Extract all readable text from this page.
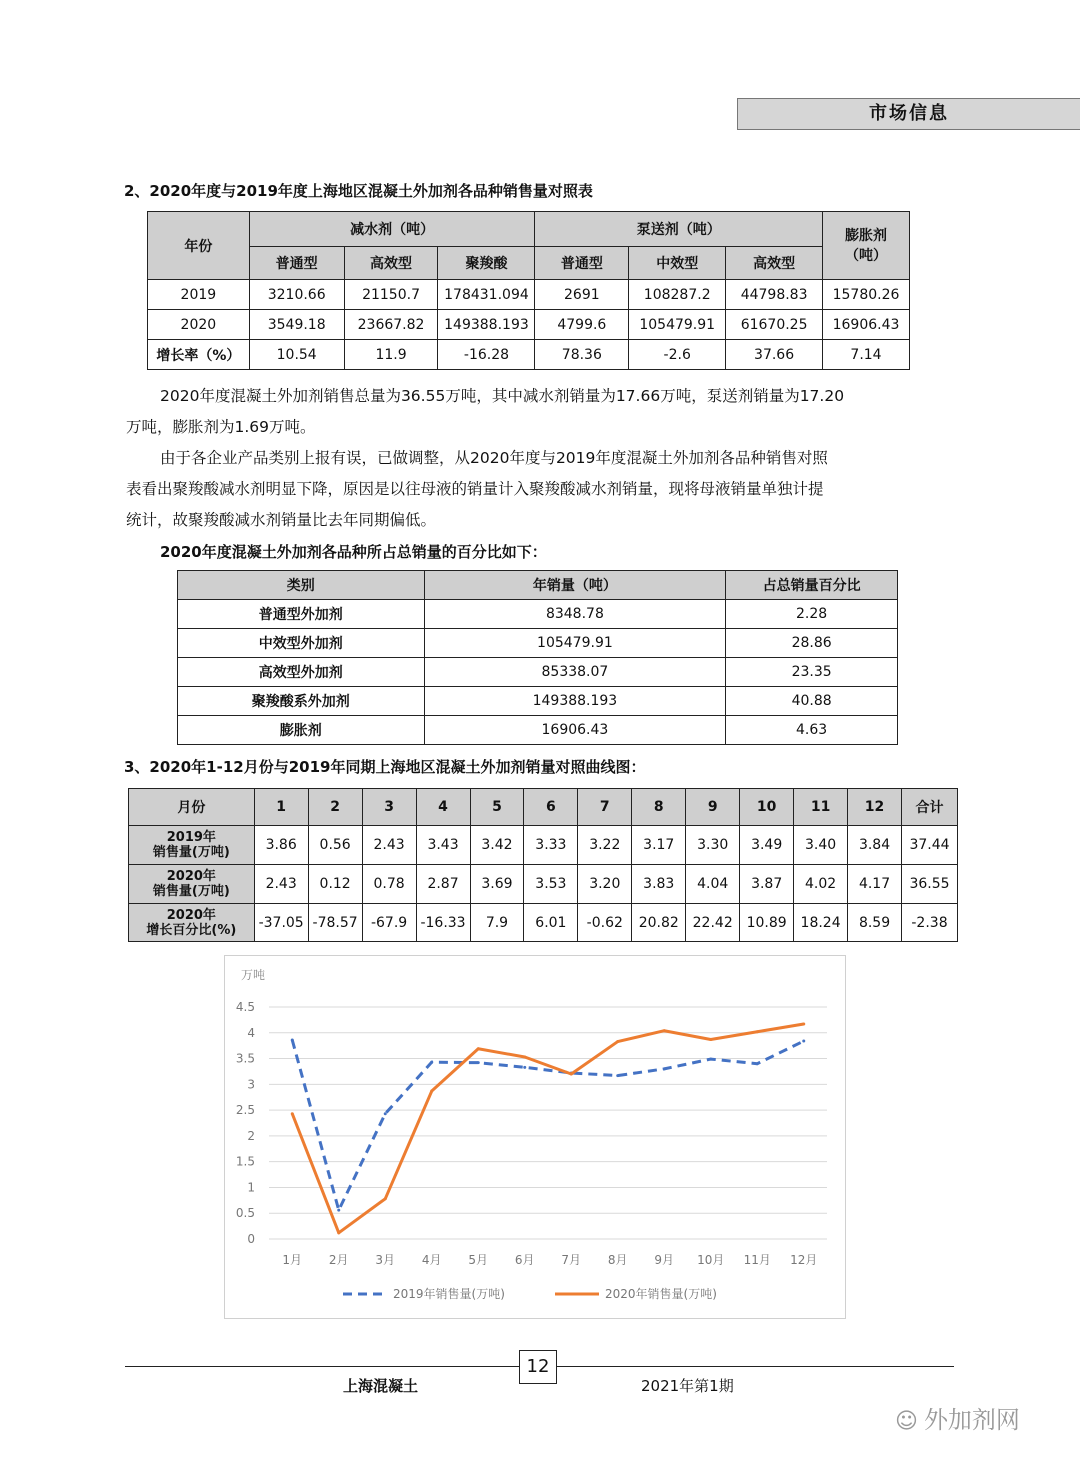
市场信息
2、2020年度与2019年度上海地区混凝土外加剂各品种销售量对照表
年份	减水剂（吨）			泵送剂（吨）			膨胀剂
（吨）
	普通型	高效型	聚羧酸	普通型	中效型	高效型	
2019	3210.66	21150.7	178431.094	2691	108287.2	44798.83	15780.26
2020	3549.18	23667.82	149388.193	4799.6	105479.91	61670.25	16906.43
增长率（%）	10.54	11.9	-16.28	78.36	-2.6	37.66	7.14
2020年度混凝土外加剂销售总量为36.55万吨，其中减水剂销量为17.66万吨，泵送剂销量为17.20
万吨，膨胀剂为1.69万吨。
由于各企业产品类别上报有误，已做调整，从2020年度与2019年度混凝土外加剂各品种销售对照
表看出聚羧酸减水剂明显下降，原因是以往母液的销量计入聚羧酸减水剂销量，现将母液销量单独计提
统计，故聚羧酸减水剂销量比去年同期偏低。
2020年度混凝土外加剂各品种所占总销量的百分比如下：
类别	年销量（吨）	占总销量百分比
普通型外加剂	8348.78	2.28
中效型外加剂	105479.91	28.86
高效型外加剂	85338.07	23.35
聚羧酸系外加剂	149388.193	40.88
膨胀剂	16906.43	4.63
3、2020年1-12月份与2019年同期上海地区混凝土外加剂销量对照曲线图：
月份	1	2	3	4	5	6	7	8	9	10	11	12	合计

2019年
销售量(万吨)	3.86	0.56	2.43	3.43	3.42	3.33	3.22	3.17	3.30	3.49	3.40	3.84	37.44

2020年
销售量(万吨)	2.43	0.12	0.78	2.87	3.69	3.53	3.20	3.83	4.04	3.87	4.02	4.17	36.55

2020年
增长百分比(%)	-37.05	-78.57	-67.9	-16.33	7.9	6.01	-0.62	20.82	22.42	10.89	18.24	8.59	-2.38
万吨
0
0.5
1
1.5
2
2.5
3
3.5
4
4.5
1月 2月 3月 4月 5月 6月 7月 8月 9月 10月 11月 12月
2019年销售量(万吨)	2020年销售量(万吨)
12
上海混凝土	2021年第1期
☺ 外加剂网
